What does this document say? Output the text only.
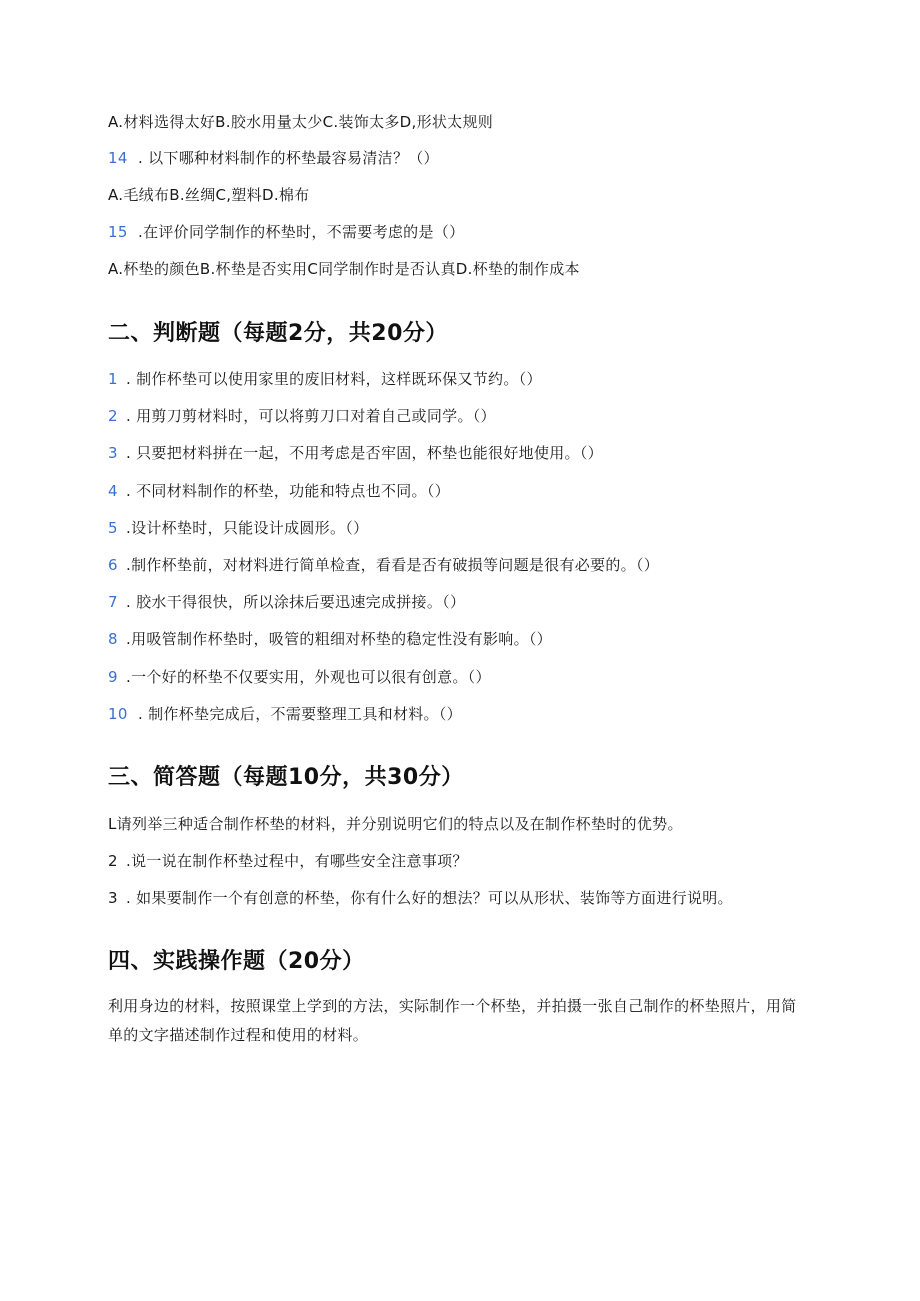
A.材料选得太好B.胶水用量太少C.装饰太多D,形状太规则
14 . 以下哪种材料制作的杯垫最容易清洁？（）
A.毛绒布B.丝绸C,塑料D.棉布
15 .在评价同学制作的杯垫时，不需要考虑的是（）
A.杯垫的颜色B.杯垫是否实用C同学制作时是否认真D.杯垫的制作成本
二、判断题（每题2分，共20分）
1 . 制作杯垫可以使用家里的废旧材料，这样既环保又节约。（）
2 . 用剪刀剪材料时，可以将剪刀口对着自己或同学。（）
3 . 只要把材料拼在一起，不用考虑是否牢固，杯垫也能很好地使用。（）
4 . 不同材料制作的杯垫，功能和特点也不同。（）
5 .设计杯垫时，只能设计成圆形。（）
6 .制作杯垫前，对材料进行简单检查，看看是否有破损等问题是很有必要的。（）
7 . 胶水干得很快，所以涂抹后要迅速完成拼接。（）
8 .用吸管制作杯垫时，吸管的粗细对杯垫的稳定性没有影响。（）
9 .一个好的杯垫不仅要实用，外观也可以很有创意。（）
10 . 制作杯垫完成后，不需要整理工具和材料。（）
三、简答题（每题10分，共30分）
L请列举三种适合制作杯垫的材料，并分别说明它们的特点以及在制作杯垫时的优势。
2 .说一说在制作杯垫过程中，有哪些安全注意事项？
3 . 如果要制作一个有创意的杯垫，你有什么好的想法？可以从形状、装饰等方面进行说明。
四、实践操作题（20分）
利用身边的材料，按照课堂上学到的方法，实际制作一个杯垫，并拍摄一张自己制作的杯垫照片，用简单的文字描述制作过程和使用的材料。
